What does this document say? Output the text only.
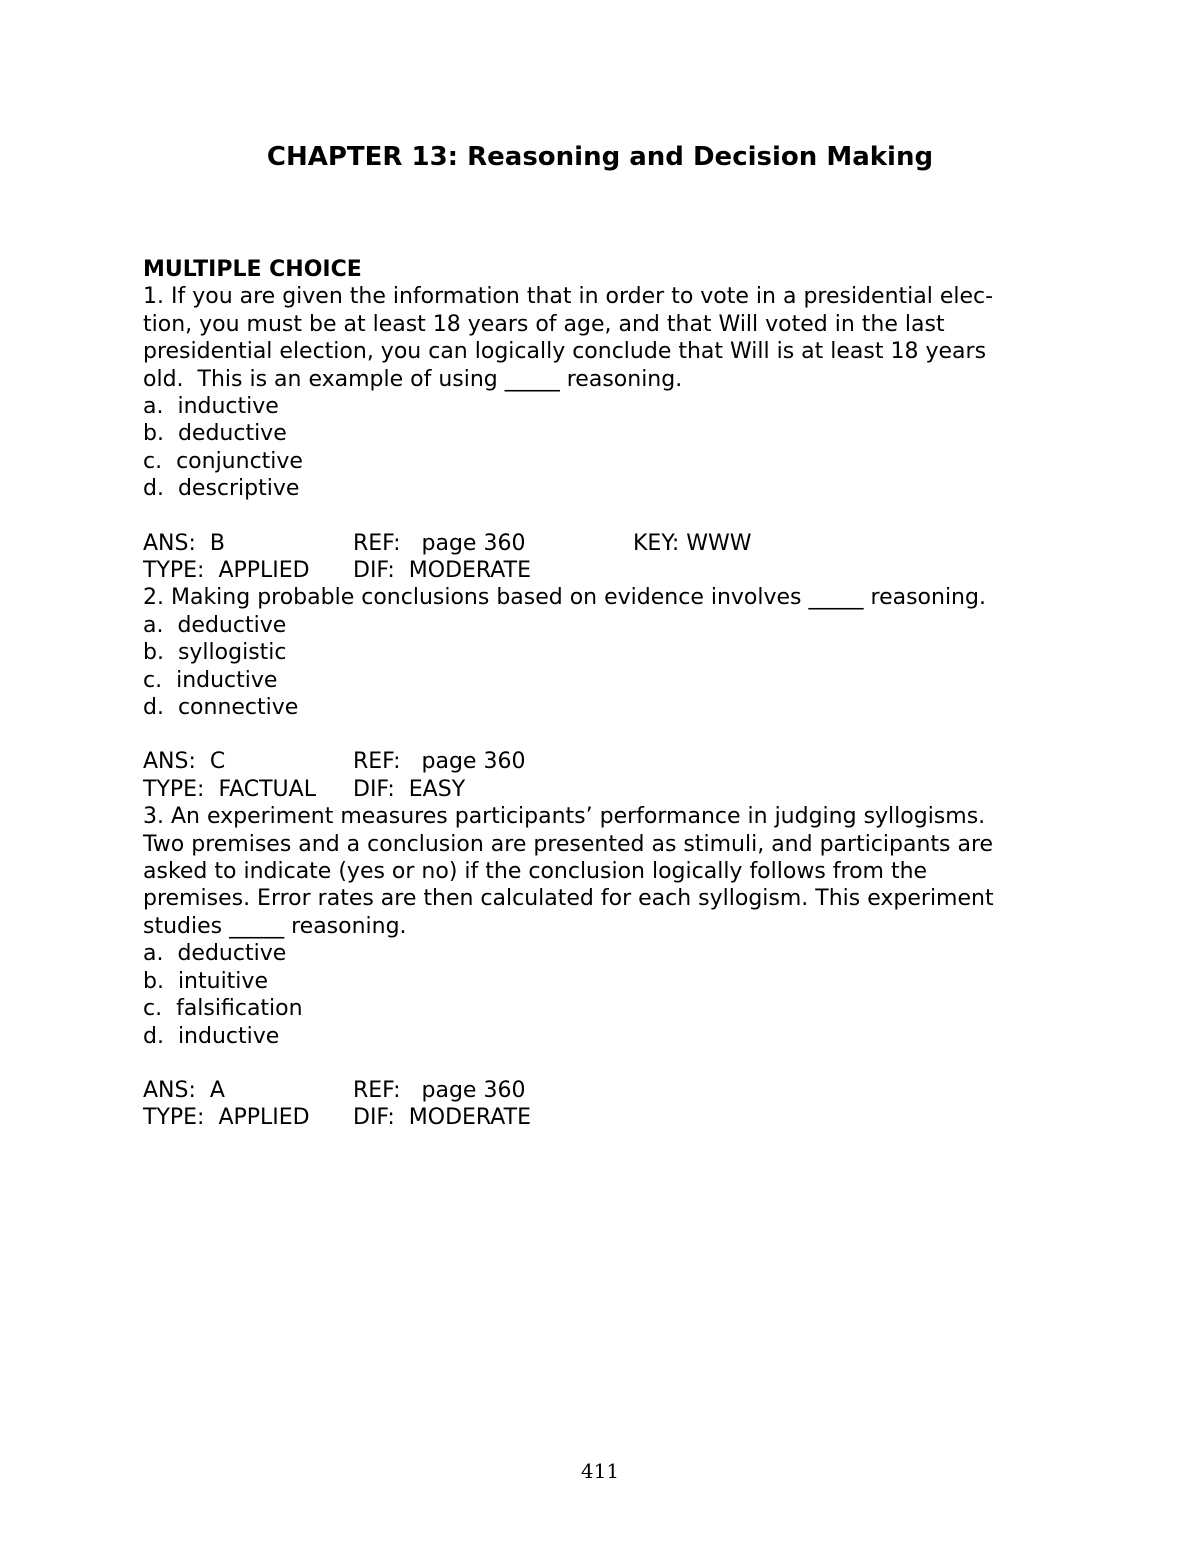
CHAPTER 13: Reasoning and Decision Making

MULTIPLE CHOICE

1. If you are given the information that in order to vote in a presidential elec-

tion, you must be at least 18 years of age, and that Will voted in the last

presidential election, you can logically conclude that Will is at least 18 years

old.  This is an example of using _____ reasoning.

a.  inductive

b.  deductive

c.  conjunctive

d.  descriptive

ANS:  B	REF:   page 360	KEY: WWW
TYPE:  APPLIED DIF:  MODERATE

2. Making probable conclusions based on evidence involves _____ reasoning.

a.  deductive

b.  syllogistic

c.  inductive

d.  connective

ANS:  C	REF:   page 360
TYPE:  FACTUAL DIF:  EASY

3. An experiment measures participants’ performance in judging syllogisms.

Two premises and a conclusion are presented as stimuli, and participants are

asked to indicate (yes or no) if the conclusion logically follows from the

premises. Error rates are then calculated for each syllogism. This experiment

studies _____ reasoning.

a.  deductive

b.  intuitive

c.  falsification

d.  inductive

ANS:  A	REF:   page 360
TYPE:  APPLIED DIF:  MODERATE
411
